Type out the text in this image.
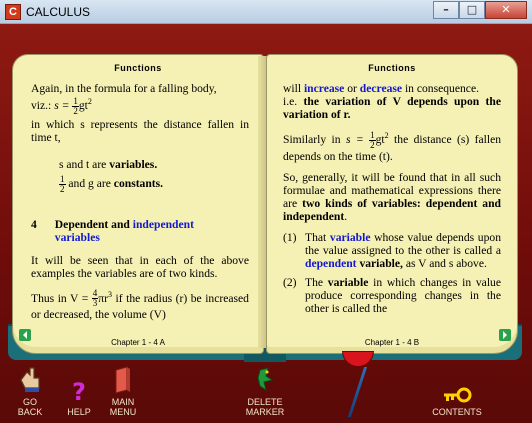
C CALCULUS	–	□	✕
Functions

Again, in the formula for a falling body,
viz.: $s = \frac{1}{2} gt^2$

in which s represents the distance fallen in time t,

s and t are variables.

$\frac{1}{2}$ and g are constants.

4 Dependent and independent
variables

It will be seen that in each of the above examples the variables are of two kinds.

Thus in $V = \frac{4}{3} \pi r^3$ if the radius (r) be increased or decreased, the volume (V)

Chapter 1 - 4 A
Functions

will increase or decrease in consequence.

i.e. the variation of V depends upon the variation of r.

Similarly in $s = \frac{1}{2} gt^2$ the distance (s) fallen depends on the time (t).

So, generally, it will be found that in all such formulae and mathematical expressions there are two kinds of variables: dependent and independent.

(1) That variable whose value depends upon the value assigned to the other is called a dependent variable, as V and s above.
(2) The variable in which changes in value produce corresponding changes in the other is called the
Chapter 1 - 4 B
GO BACK
?
HELP
MAIN MENU
DELETE MARKER	CONTENTS
